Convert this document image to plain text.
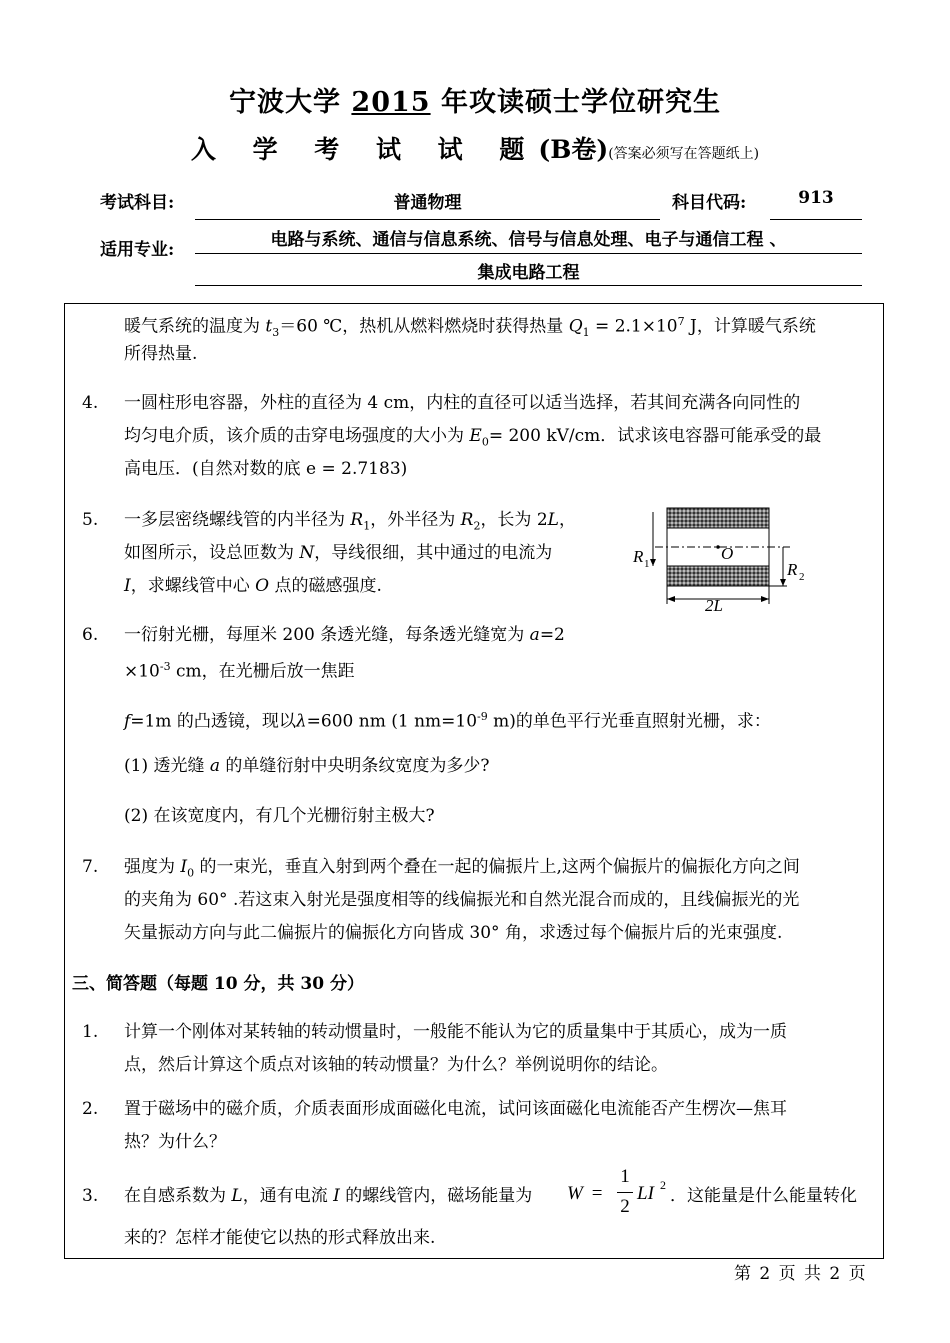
宁波大学 2015 年攻读硕士学位研究生
入 学 考 试 试 题(B卷)(答案必须写在答题纸上)
考试科目:	普通物理	科目代码:	913
适用专业:	电路与系统、通信与信息系统、信号与信息处理、电子与通信工程 、
集成电路工程
暖气系统的温度为 $t_3=60$ ℃，热机从燃料燃烧时获得热量 $Q_1 = 2.1\times 10^7$ J，计算暖气系统
所得热量.
4. 一圆柱形电容器，外柱的直径为 4 cm，内柱的直径可以适当选择，若其间充满各向同性的
均匀电介质，该介质的击穿电场强度的大小为 $E_0= 200$ kV/cm．试求该电容器可能承受的最
高电压．(自然对数的底 e = 2.7183)
5. 一多层密绕螺线管的内半径为 $R_1$，外半径为 $R_2$，长为 2L，
如图所示，设总匝数为 N，导线很细，其中通过的电流为
I，求螺线管中心 O 点的磁感强度.
R 1
O
R 2
2L
6. 一衍射光栅，每厘米 200 条透光缝，每条透光缝宽为 a=2
$\times 10^{-3}$ cm，在光栅后放一焦距
f=1m 的凸透镜，现以λ=600 nm (1 $nm=10^{-9}$ m)的单色平行光垂直照射光栅，求：
(1) 透光缝 a 的单缝衍射中央明条纹宽度为多少?
(2) 在该宽度内，有几个光栅衍射主极大?
7. 强度为 $I_0$ 的一束光，垂直入射到两个叠在一起的偏振片上,这两个偏振片的偏振化方向之间
的夹角为 60° .若这束入射光是强度相等的线偏振光和自然光混合而成的，且线偏振光的光
矢量振动方向与此二偏振片的偏振化方向皆成 30° 角，求透过每个偏振片后的光束强度.
三、简答题（每题 10 分，共 30 分）
1. 计算一个刚体对某转轴的转动惯量时，一般能不能认为它的质量集中于其质心，成为一质
点，然后计算这个质点对该轴的转动惯量？为什么？举例说明你的结论。
2. 置于磁场中的磁介质，介质表面形成面磁化电流，试问该面磁化电流能否产生楞次—焦耳
热？为什么？
3. 在自感系数为 L，通有电流 I 的螺线管内，磁场能量为 W =
1
2
LI 2
．这能量是什么能量转化
来的？怎样才能使它以热的形式释放出来.
第 2 页 共 2 页
